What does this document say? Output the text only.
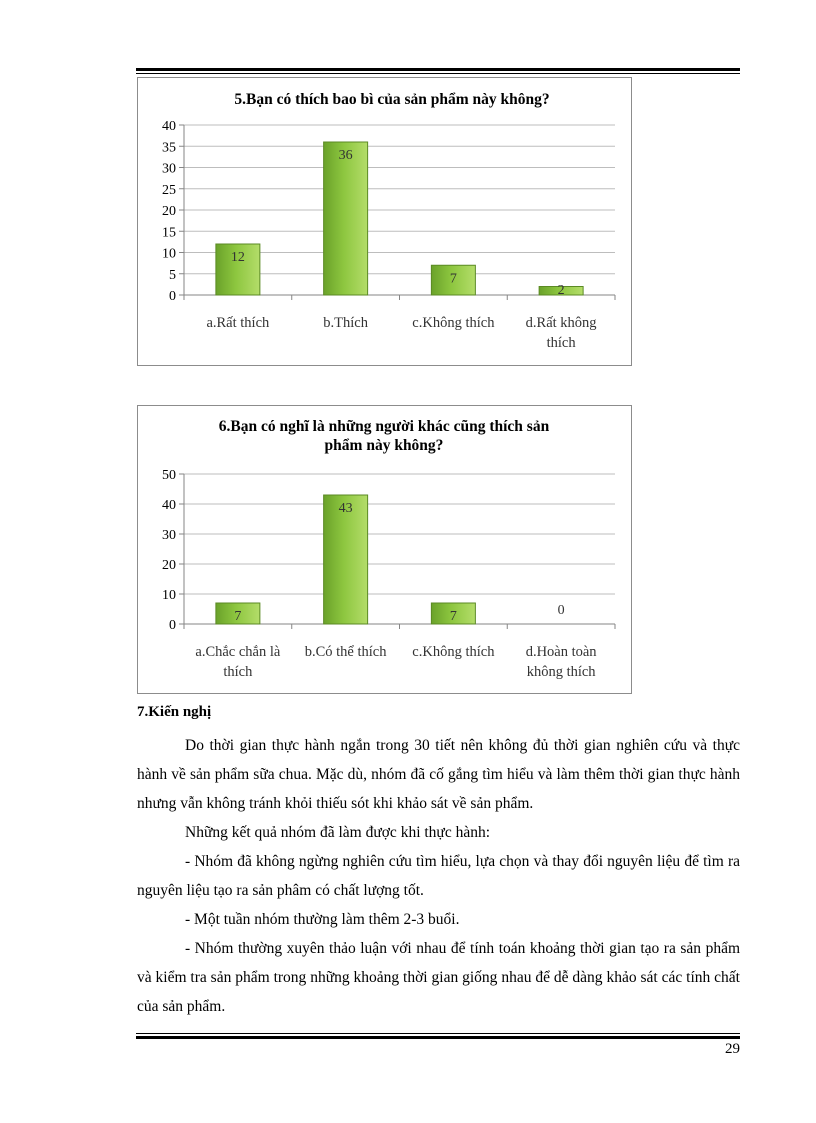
5.Bạn có thích bao bì của sản phẩm này không?
0
5
10
15
20
25
30
35
40
12
a.Rất thích
36
b.Thích
7
c.Không thích
2
d.Rất không
thích
6.Bạn có nghĩ là những người khác cũng thích sản
phẩm này không?
0
10
20
30
40
50
7
a.Chắc chắn là
thích
43
b.Có thể thích
7
c.Không thích
0
d.Hoàn toàn
không thích
7.Kiến nghị

Do thời gian thực hành ngắn trong 30 tiết nên không đủ thời gian nghiên cứu và thực hành về sản phẩm sữa chua. Mặc dù, nhóm đã cố gắng tìm hiểu và làm thêm thời gian thực hành nhưng vẫn không tránh khỏi thiếu sót khi khảo sát về sản phẩm.

Những kết quả nhóm đã làm được khi thực hành:

- Nhóm đã không ngừng nghiên cứu tìm hiểu, lựa chọn và thay đổi nguyên liệu để tìm ra nguyên liệu tạo ra sản phâm có chất lượng tốt.

- Một tuần nhóm thường làm thêm 2-3 buổi.

- Nhóm thường xuyên thảo luận với nhau để tính toán khoảng thời gian tạo ra sản phẩm và kiểm tra sản phẩm trong những khoảng thời gian giống nhau để dễ dàng khảo sát các tính chất của sản phẩm.

29
